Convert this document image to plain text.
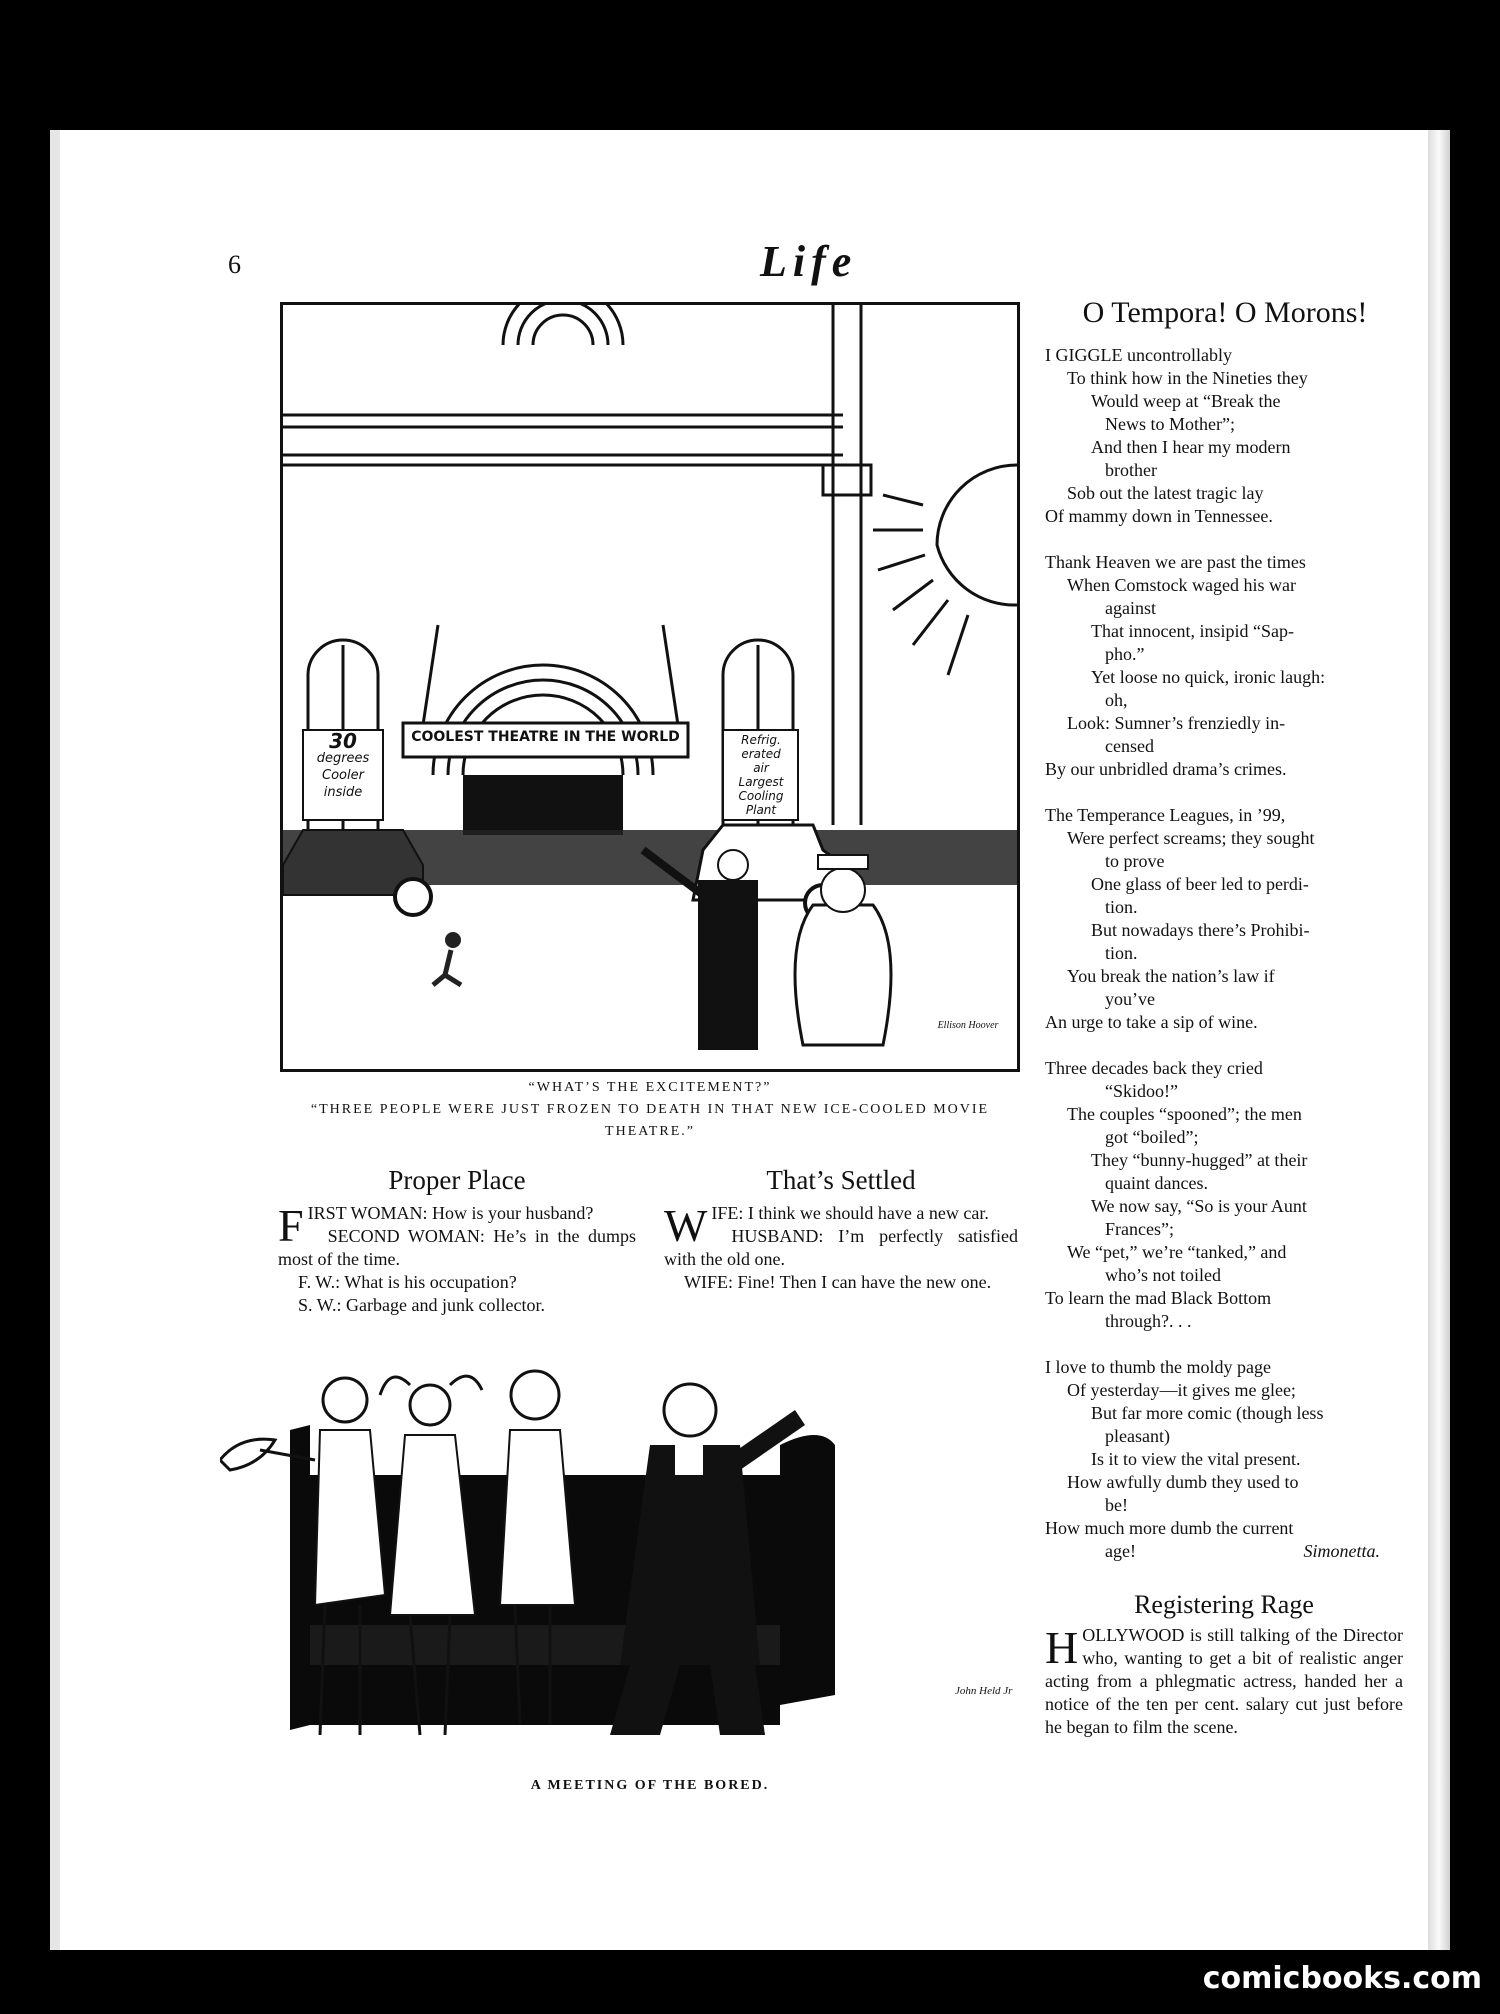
6	Life
COOLEST THEATRE IN THE WORLD
30
degrees
Cooler
inside
Refrig.
erated
air
Largest
Cooling
Plant
Ellison Hoover
“WHAT’S THE EXCITEMENT?”
“THREE PEOPLE WERE JUST FROZEN TO DEATH IN THAT NEW ICE-COOLED MOVIE THEATRE.”
Proper Place
F IRST WOMAN: How is your husband?
SECOND WOMAN: He’s in the dumps most of the time.
F. W.: What is his occupation?
S. W.: Garbage and junk collector.
That’s Settled
W IFE: I think we should have a new car.
HUSBAND: I’m perfectly satisfied with the old one.
WIFE: Fine! Then I can have the new one.
John Held Jr
A MEETING OF THE BORED.
O Tempora! O Morons!
I GIGGLE uncontrollably
To think how in the Nineties they
Would weep at “Break the
News to Mother”;
And then I hear my modern
brother
Sob out the latest tragic lay
Of mammy down in Tennessee.
Thank Heaven we are past the times
When Comstock waged his war
against
That innocent, insipid “Sap-
pho.”
Yet loose no quick, ironic laugh:
oh,
Look: Sumner’s frenziedly in-
censed
By our unbridled drama’s crimes.
The Temperance Leagues, in ’99,
Were perfect screams; they sought
to prove
One glass of beer led to perdi-
tion.
But nowadays there’s Prohibi-
tion.
You break the nation’s law if
you’ve
An urge to take a sip of wine.
Three decades back they cried
“Skidoo!”
The couples “spooned”; the men
got “boiled”;
They “bunny-hugged” at their
quaint dances.
We now say, “So is your Aunt
Frances”;
We “pet,” we’re “tanked,” and
who’s not toiled
To learn the mad Black Bottom
through?. . .
I love to thumb the moldy page
Of yesterday—it gives me glee;
But far more comic (though less
pleasant)
Is it to view the vital present.
How awfully dumb they used to
be!
How much more dumb the current
age!	Simonetta.
Registering Rage
H OLLYWOOD is still talking of the Director who, wanting to get a bit of realistic anger acting from a phlegmatic actress, handed her a notice of the ten per cent. salary cut just before he began to film the scene.
comicbooks.com
